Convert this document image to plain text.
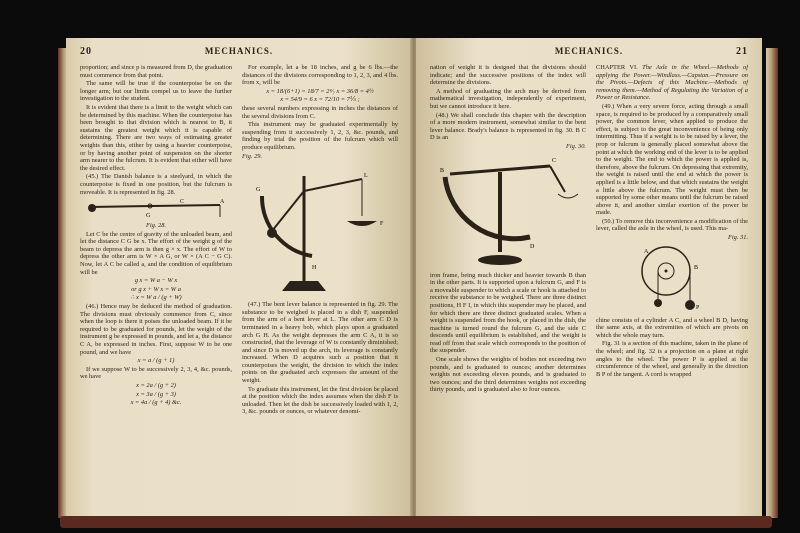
20	MECHANICS.

proportion; and since p is measured from D, the graduation must commence from that point.

The same will be true if the counterpoise be on the longer arm; but our limits compel us to leave the further investigation to the student.

It is evident that there is a limit to the weight which can be determined by this machine. When the counterpoise has been brought to that division which is nearest to B, it sustains the greatest weight which it is capable of determining. There are two ways of estimating greater weights than this, either by using a heavier counterpoise, or by having another point of suspension on the shorter arm nearer to the fulcrum. It is evident that either will have the desired effect.

(45.) The Danish balance is a steelyard, in which the counterpoise is fixed in one position, but the fulcrum is moveable. It is represented in fig. 28.

G
C	A
Fig. 28.

Let C be the centre of gravity of the unloaded beam, and let the distance C G be x. The effort of the weight g of the beam to depress the arm is then g × x. The effort of W to depress the other arm is W × A G, or W × (A C − G C). Now, let A C be called a, and the condition of equilibrium will be

g x = W a − W x
or g x + W x = W a
∴ x = W a / (g + W)

(46.) Hence may be deduced the method of graduation. The divisions must obviously commence from C, since when the loop is there it poises the unloaded beam. If it be required to be graduated for pounds, let the weight of the instrument g be expressed in pounds, and let a, the distance C A, be expressed in inches. First, suppose W to be one pound, and we have

x = a / (g + 1)

If we suppose W to be successively 2, 3, 4, &c. pounds, we have

x = 2a / (g + 2)
x = 3a / (g + 3)
x = 4a / (g + 4) &c.

For example, let a be 18 inches, and g be 6 lbs.—the distances of the divisions corresponding to 1, 2, 3, and 4 lbs. from x, will be

x = 18/(6+1) = 18/7 = 2⁴⁄₇ x = 36/8 = 4½
x = 54/9 = 6 x = 72/10 = 7⅕ ;

these several numbers expressing in inches the distances of the several divisions from C.

This instrument may be graduated experimentally by suspending from it successively 1, 2, 3, &c. pounds, and finding by trial the position of the fulcrum which will produce equilibrium.

Fig. 29.
G
H
L
F

(47.) The bent lever balance is represented in fig. 29. The substance to be weighed is placed in a dish F, suspended from the arm of a bent lever at L. The other arm C D is terminated in a heavy bob, which plays upon a graduated arch G H. As the weight depresses the arm C A, it is so constructed, that the leverage of W is constantly diminished; and since D is moved up the arch, its leverage is constantly increased. When D acquires such a position that it counterpoises the weight, the division to which the index points on the graduated arch expresses the amount of the weight.

To graduate this instrument, let the first division be placed at the position which the index assumes when the dish F is unloaded. Then let the dish be successively loaded with 1, 2, 3, &c. pounds or ounces, or whatever denomi-

MECHANICS.	21

nation of weight it is designed that the divisions should indicate; and the successive positions of the index will determine the divisions.

A method of graduating the arch may be derived from mathematical investigation, independently of experiment, but we cannot introduce it here.

(48.) We shall conclude this chapter with the description of a more modern instrument, somewhat similar to the bent lever balance. Brady's balance is represented in fig. 30. B C D is an

Fig. 30.
C
B
D

iron frame, being much thicker and heavier towards B than in the other parts. It is supported upon a fulcrum G, and F is a moveable suspender to which a scale or hook is attached to receive the substance to be weighed. There are three distinct positions, H F I, in which this suspender may be placed, and for which there are three distinct graduated scales. When a weight is suspended from the hook, or placed in the dish, the machine is turned round the fulcrum G, and the side C descends until equilibrium is established, and the weight is read off from that scale which corresponds to the position of the suspender.

One scale shows the weights of bodies not exceeding two pounds, and is graduated to ounces; another determines weights not exceeding eleven pounds, and is graduated to two ounces; and the third determines weights not exceeding thirty pounds, and is graduated also to four ounces.

CHAPTER VI. The Axle in the Wheel.—Methods of applying the Power.—Windlass.—Capstan.—Pressure on the Pivots.—Defects of this Machine.—Methods of removing them.—Method of Regulating the Variation of a Power or Resistance.

(49.) When a very severe force, acting through a small space, is required to be produced by a comparatively small power, the common lever, when applied to produce the effect, is subject to the great inconvenience of being only intermitting. Thus if a weight is to be raised by a lever, the prop or fulcrum is generally placed somewhat above the point at which the working end of the lever is to be applied to the weight. The end to which the power is applied is, therefore, above the fulcrum. On depressing that extremity, the weight is raised until the end at which the power is applied is a little below, and that which sustains the weight a little above the fulcrum. The weight must then be supported by some other means until the fulcrum be raised above it, and another similar exertion of the power be made.

(50.) To remove this inconvenience a modification of the lever, called the axle in the wheel, is used. This ma-

Fig. 31.
A
B
P

chine consists of a cylinder A C, and a wheel B D, having the same axis, at the extremities of which are pivots on which the whole may turn.

Fig. 31 is a section of this machine, taken in the plane of the wheel; and fig. 32 is a projection on a plane at right angles to the wheel. The power P is applied at the circumference of the wheel, and generally in the direction B P of the tangent. A cord is wrapped
